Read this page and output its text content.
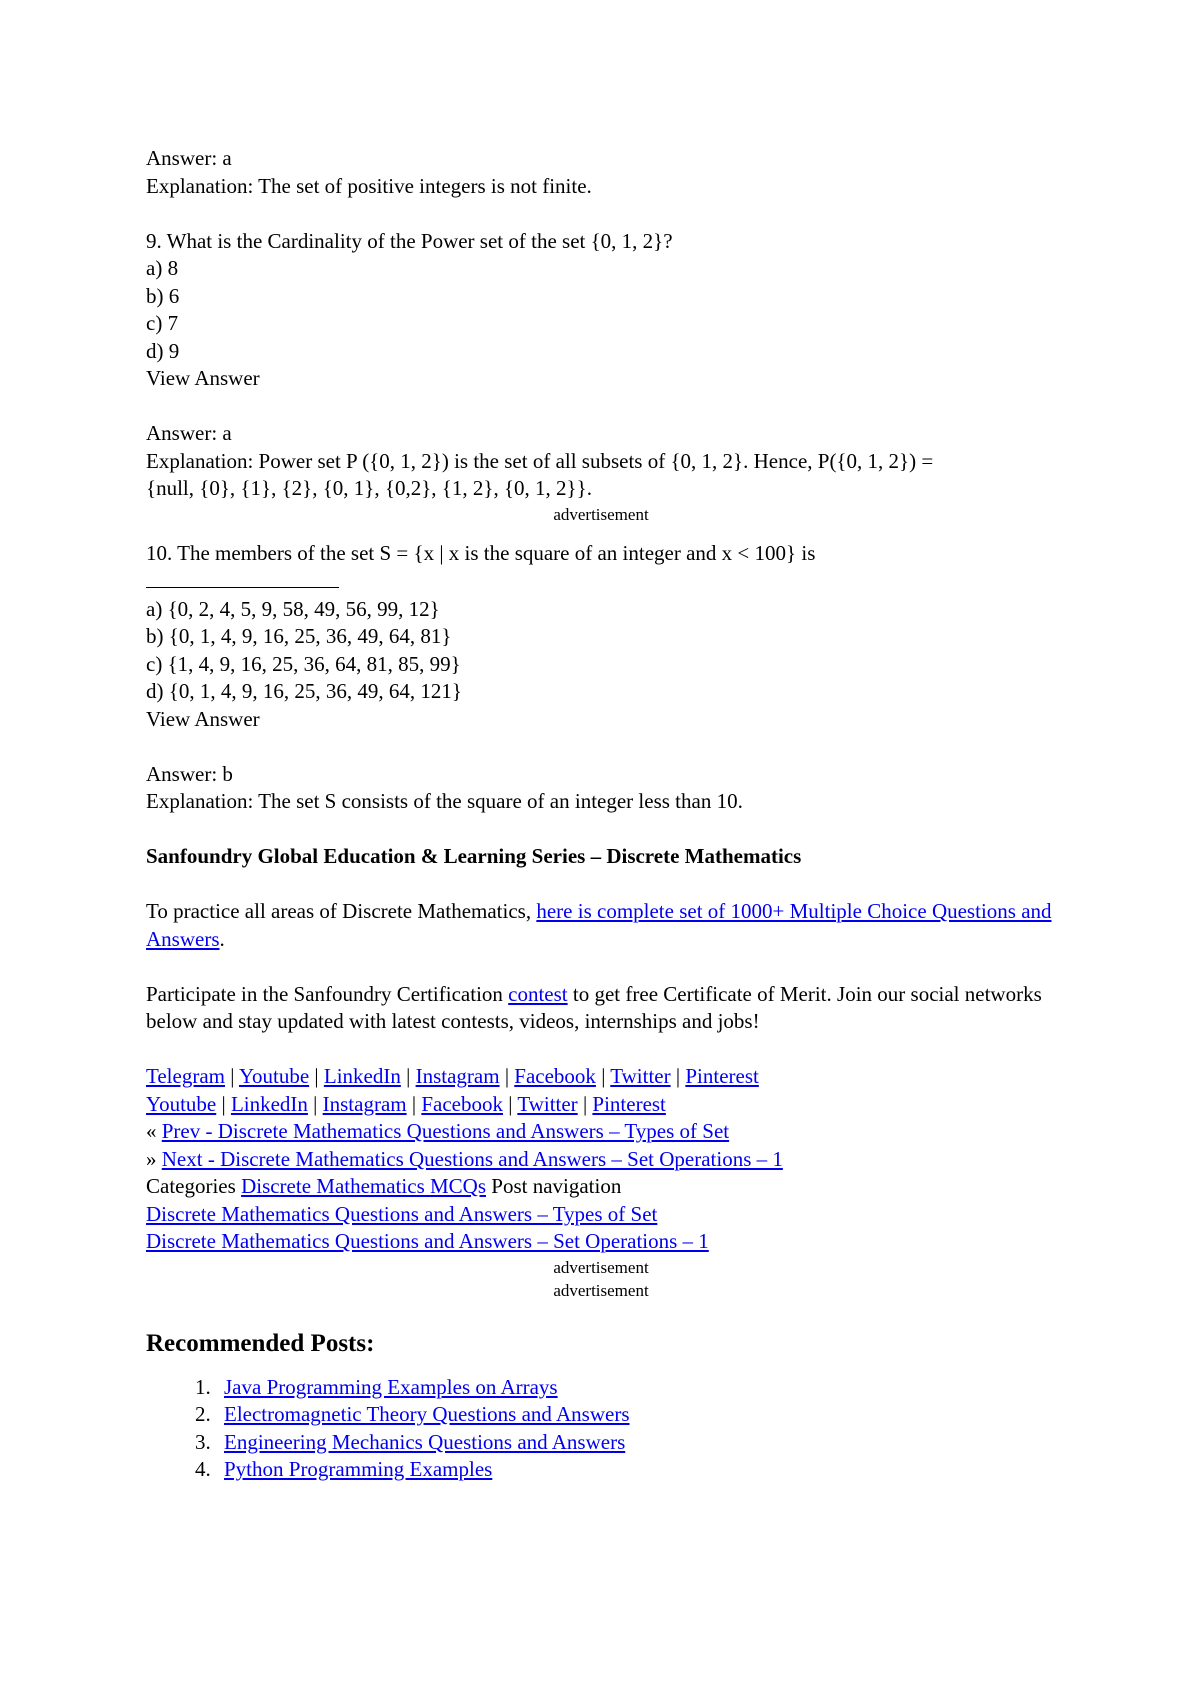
Answer: a
Explanation: The set of positive integers is not finite.
9. What is the Cardinality of the Power set of the set {0, 1, 2}?
a) 8
b) 6
c) 7
d) 9
View Answer
Answer: a
Explanation: Power set P ({0, 1, 2}) is the set of all subsets of {0, 1, 2}. Hence, P({0, 1, 2}) =
{null, {0}, {1}, {2}, {0, 1}, {0,2}, {1, 2}, {0, 1, 2}}.
advertisement
10. The members of the set S = {x | x is the square of an integer and x < 100} is
a) {0, 2, 4, 5, 9, 58, 49, 56, 99, 12}
b) {0, 1, 4, 9, 16, 25, 36, 49, 64, 81}
c) {1, 4, 9, 16, 25, 36, 64, 81, 85, 99}
d) {0, 1, 4, 9, 16, 25, 36, 49, 64, 121}
View Answer
Answer: b
Explanation: The set S consists of the square of an integer less than 10.
Sanfoundry Global Education & Learning Series – Discrete Mathematics
To practice all areas of Discrete Mathematics, here is complete set of 1000+ Multiple Choice Questions and Answers.
Participate in the Sanfoundry Certification contest to get free Certificate of Merit. Join our social networks below and stay updated with latest contests, videos, internships and jobs!
Telegram | Youtube | LinkedIn | Instagram | Facebook | Twitter | Pinterest
Youtube | LinkedIn | Instagram | Facebook | Twitter | Pinterest
« Prev - Discrete Mathematics Questions and Answers – Types of Set
» Next - Discrete Mathematics Questions and Answers – Set Operations – 1
Categories Discrete Mathematics MCQs Post navigation
Discrete Mathematics Questions and Answers – Types of Set
Discrete Mathematics Questions and Answers – Set Operations – 1
advertisement
advertisement
Recommended Posts:
1. Java Programming Examples on Arrays
2. Electromagnetic Theory Questions and Answers
3. Engineering Mechanics Questions and Answers
4. Python Programming Examples
